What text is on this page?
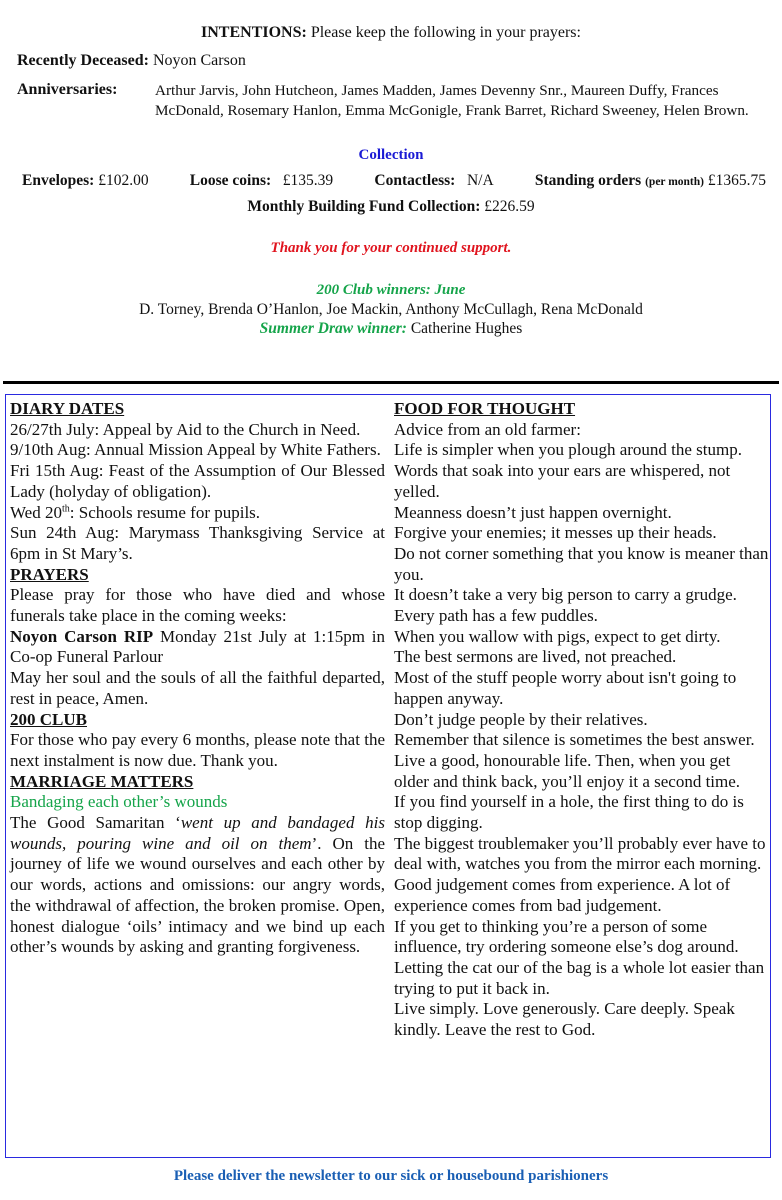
INTENTIONS: Please keep the following in your prayers:
Recently Deceased: Noyon Carson
Anniversaries: Arthur Jarvis, John Hutcheon, James Madden, James Devenny Snr., Maureen Duffy, Frances McDonald, Rosemary Hanlon, Emma McGonigle, Frank Barret, Richard Sweeney, Helen Brown.
Collection
Envelopes: £102.00	Loose coins: £135.39	Contactless: N/A	Standing orders (per month) £1365.75
Monthly Building Fund Collection: £226.59
Thank you for your continued support.
200 Club winners: June
D. Torney, Brenda O’Hanlon, Joe Mackin, Anthony McCullagh, Rena McDonald
Summer Draw winner: Catherine Hughes

DIARY DATES

26/27th July: Appeal by Aid to the Church in Need.

9/10th Aug: Annual Mission Appeal by White Fathers.

Fri 15th Aug: Feast of the Assumption of Our Blessed Lady (holyday of obligation).

Wed 20th: Schools resume for pupils.

Sun 24th Aug: Marymass Thanksgiving Service at 6pm in St Mary’s.

PRAYERS

Please pray for those who have died and whose funerals take place in the coming weeks:

Noyon Carson RIP Monday 21st July at 1:15pm in Co-op Funeral Parlour

May her soul and the souls of all the faithful departed, rest in peace, Amen.

200 CLUB

For those who pay every 6 months, please note that the next instalment is now due. Thank you.

MARRIAGE MATTERS

Bandaging each other’s wounds

The Good Samaritan ‘went up and bandaged his wounds, pouring wine and oil on them’. On the journey of life we wound ourselves and each other by our words, actions and omissions: our angry words, the withdrawal of affection, the broken promise. Open, honest dialogue ‘oils’ intimacy and we bind up each other’s wounds by asking and granting forgiveness.

FOOD FOR THOUGHT

Advice from an old farmer:

Life is simpler when you plough around the stump.

Words that soak into your ears are whispered, not yelled.

Meanness doesn’t just happen overnight.

Forgive your enemies; it messes up their heads.

Do not corner something that you know is meaner than you.

It doesn’t take a very big person to carry a grudge.

Every path has a few puddles.

When you wallow with pigs, expect to get dirty.

The best sermons are lived, not preached.

Most of the stuff people worry about isn't going to happen anyway.

Don’t judge people by their relatives.

Remember that silence is sometimes the best answer.

Live a good, honourable life. Then, when you get older and think back, you’ll enjoy it a second time.

If you find yourself in a hole, the first thing to do is stop digging.

The biggest troublemaker you’ll probably ever have to deal with, watches you from the mirror each morning.

Good judgement comes from experience. A lot of experience comes from bad judgement.

If you get to thinking you’re a person of some influence, try ordering someone else’s dog around.

Letting the cat our of the bag is a whole lot easier than trying to put it back in.

Live simply. Love generously. Care deeply. Speak kindly. Leave the rest to God.

Please deliver the newsletter to our sick or housebound parishioners
